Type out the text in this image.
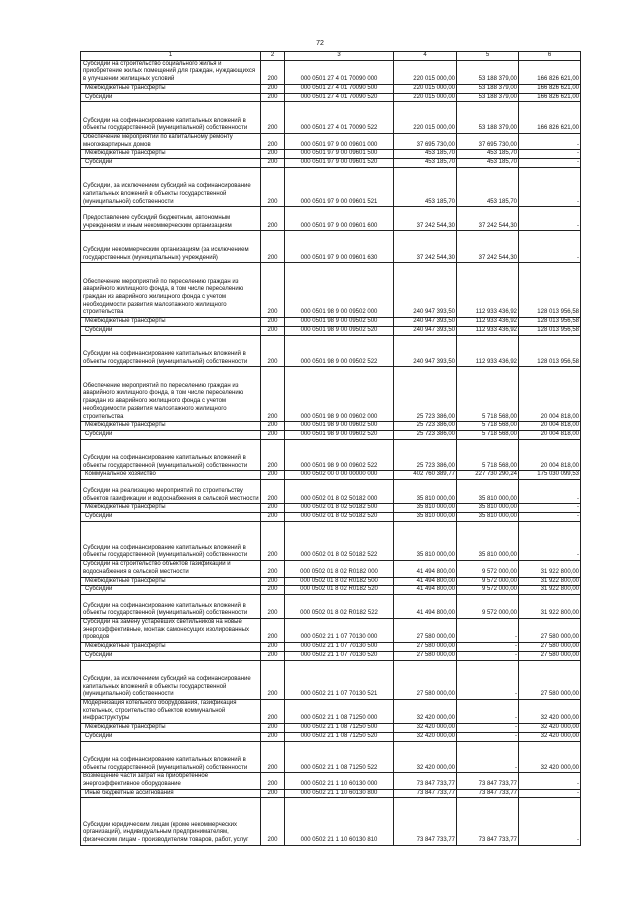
72
1	2	3	4	5	6
Субсидии на строительство социального жилья и приобретение жилых помещений для граждан, нуждающихся в улучшении жилищных условий	200	000 0501 27 4 01 70090 000	220 015 000,00	53 188 379,00	166 826 621,00
Межбюджетные трансферты	200	000 0501 27 4 01 70090 500	220 015 000,00	53 188 379,00	166 826 621,00
Субсидии	200	000 0501 27 4 01 70090 520	220 015 000,00	53 188 379,00	166 826 621,00
Субсидии на софинансирование капитальных вложений в объекты государственной (муниципальной) собственности	200	000 0501 27 4 01 70090 522	220 015 000,00	53 188 379,00	166 826 621,00
Обеспечение мероприятий по капитальному ремонту многоквартирных домов	200	000 0501 97 9 00 09601 000	37 695 730,00	37 695 730,00	-
Межбюджетные трансферты	200	000 0501 97 9 00 09601 500	453 185,70	453 185,70	-
Субсидии	200	000 0501 97 9 00 09601 520	453 185,70	453 185,70	-
Субсидии, за исключением субсидий на софинансирование капитальных вложений в объекты государственной (муниципальной) собственности	200	000 0501 97 9 00 09601 521	453 185,70	453 185,70	-
Предоставление субсидий бюджетным, автономным учреждениям и иным некоммерческим организациям	200	000 0501 97 9 00 09601 600	37 242 544,30	37 242 544,30	-
Субсидии некоммерческим организациям (за исключением государственных (муниципальных) учреждений)	200	000 0501 97 9 00 09601 630	37 242 544,30	37 242 544,30	-
Обеспечение мероприятий по переселению граждан из аварийного жилищного фонда, в том числе переселению граждан из аварийного жилищного фонда с учетом необходимости развития малоэтажного жилищного строительства	200	000 0501 98 9 00 09502 000	240 947 393,50	112 933 436,92	128 013 956,58
Межбюджетные трансферты	200	000 0501 98 9 00 09502 500	240 947 393,50	112 933 436,92	128 013 956,58
Субсидии	200	000 0501 98 9 00 09502 520	240 947 393,50	112 933 436,92	128 013 956,58
Субсидии на софинансирование капитальных вложений в объекты государственной (муниципальной) собственности	200	000 0501 98 9 00 09502 522	240 947 393,50	112 933 436,92	128 013 956,58
Обеспечение мероприятий по переселению граждан из аварийного жилищного фонда, в том числе переселению граждан из аварийного жилищного фонда с учетом необходимости развития малоэтажного жилищного строительства	200	000 0501 98 9 00 09602 000	25 723 386,00	5 718 568,00	20 004 818,00
Межбюджетные трансферты	200	000 0501 98 9 00 09602 500	25 723 386,00	5 718 568,00	20 004 818,00
Субсидии	200	000 0501 98 9 00 09602 520	25 723 386,00	5 718 568,00	20 004 818,00
Субсидии на софинансирование капитальных вложений в объекты государственной (муниципальной) собственности	200	000 0501 98 9 00 09602 522	25 723 386,00	5 718 568,00	20 004 818,00
Коммунальное хозяйство	200	000 0502 00 0 00 00000 000	402 760 389,77	227 730 290,24	175 030 099,53
Субсидии на реализацию мероприятий по строительству объектов газификации и водоснабжения в сельской местности	200	000 0502 01 8 02 50182 000	35 810 000,00	35 810 000,00	-
Межбюджетные трансферты	200	000 0502 01 8 02 50182 500	35 810 000,00	35 810 000,00	-
Субсидии	200	000 0502 01 8 02 50182 520	35 810 000,00	35 810 000,00	-
Субсидии на софинансирование капитальных вложений в объекты государственной (муниципальной) собственности	200	000 0502 01 8 02 50182 522	35 810 000,00	35 810 000,00	-
Субсидии на строительство объектов газификации и водоснабжения в сельской местности	200	000 0502 01 8 02 R0182 000	41 494 800,00	9 572 000,00	31 922 800,00
Межбюджетные трансферты	200	000 0502 01 8 02 R0182 500	41 494 800,00	9 572 000,00	31 922 800,00
Субсидии	200	000 0502 01 8 02 R0182 520	41 494 800,00	9 572 000,00	31 922 800,00
Субсидии на софинансирование капитальных вложений в объекты государственной (муниципальной) собственности	200	000 0502 01 8 02 R0182 522	41 494 800,00	9 572 000,00	31 922 800,00
Субсидии на замену устаревших светильников на новые энергоэффективные, монтаж самонесущих изолированных проводов	200	000 0502 21 1 07 70130 000	27 580 000,00	-	27 580 000,00
Межбюджетные трансферты	200	000 0502 21 1 07 70130 500	27 580 000,00	-	27 580 000,00
Субсидии	200	000 0502 21 1 07 70130 520	27 580 000,00	-	27 580 000,00
Субсидии, за исключением субсидий на софинансирование капитальных вложений в объекты государственной (муниципальной) собственности	200	000 0502 21 1 07 70130 521	27 580 000,00	-	27 580 000,00
Модернизация котельного оборудования, газификация котельных, строительство объектов коммунальной инфраструктуры	200	000 0502 21 1 08 71250 000	32 420 000,00	-	32 420 000,00
Межбюджетные трансферты	200	000 0502 21 1 08 71250 500	32 420 000,00	-	32 420 000,00
Субсидии	200	000 0502 21 1 08 71250 520	32 420 000,00	-	32 420 000,00
Субсидии на софинансирование капитальных вложений в объекты государственной (муниципальной) собственности	200	000 0502 21 1 08 71250 522	32 420 000,00	-	32 420 000,00
Возмещение части затрат на приобретенное энергоэффективное оборудование	200	000 0502 21 1 10 60130 000	73 847 733,77	73 847 733,77	-
Иные бюджетные ассигнования	200	000 0502 21 1 10 60130 800	73 847 733,77	73 847 733,77	-
Субсидии юридическим лицам (кроме некоммерческих организаций), индивидуальным предпринимателям, физическим лицам - производителям товаров, работ, услуг	200	000 0502 21 1 10 60130 810	73 847 733,77	73 847 733,77	-
